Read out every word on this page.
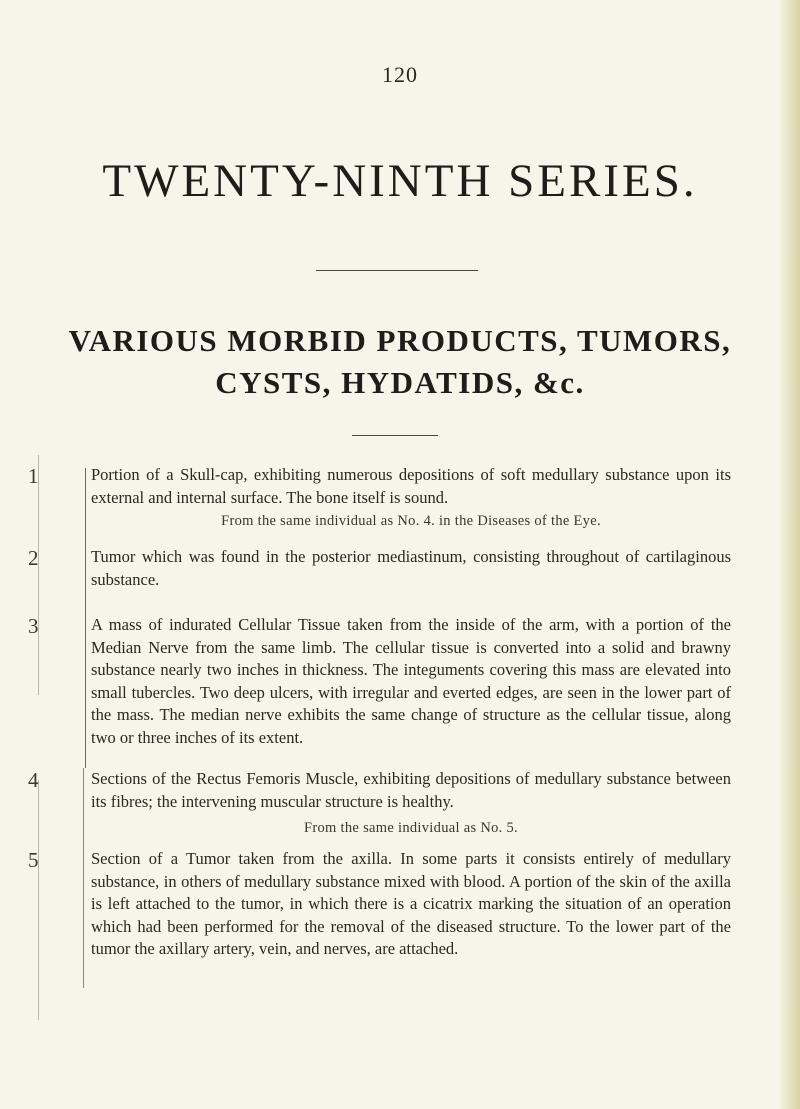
120
TWENTY-NINTH SERIES.
VARIOUS MORBID PRODUCTS, TUMORS,
CYSTS, HYDATIDS, &c.
1	Portion of a Skull-cap, exhibiting numerous depositions of soft medullary substance upon its external and internal surface. The bone itself is sound.
From the same individual as No. 4. in the Diseases of the Eye.
2	Tumor which was found in the posterior mediastinum, consisting throughout of cartilaginous substance.
3	A mass of indurated Cellular Tissue taken from the inside of the arm, with a portion of the Median Nerve from the same limb. The cellular tissue is converted into a solid and brawny substance nearly two inches in thickness. The integuments covering this mass are elevated into small tubercles. Two deep ulcers, with irregular and everted edges, are seen in the lower part of the mass. The median nerve exhibits the same change of structure as the cellular tissue, along two or three inches of its extent.
4	Sections of the Rectus Femoris Muscle, exhibiting depositions of medullary substance between its fibres; the intervening muscular structure is healthy.
From the same individual as No. 5.
5	Section of a Tumor taken from the axilla. In some parts it consists entirely of medullary substance, in others of medullary substance mixed with blood. A portion of the skin of the axilla is left attached to the tumor, in which there is a cicatrix marking the situation of an operation which had been performed for the removal of the diseased structure. To the lower part of the tumor the axillary artery, vein, and nerves, are attached.
